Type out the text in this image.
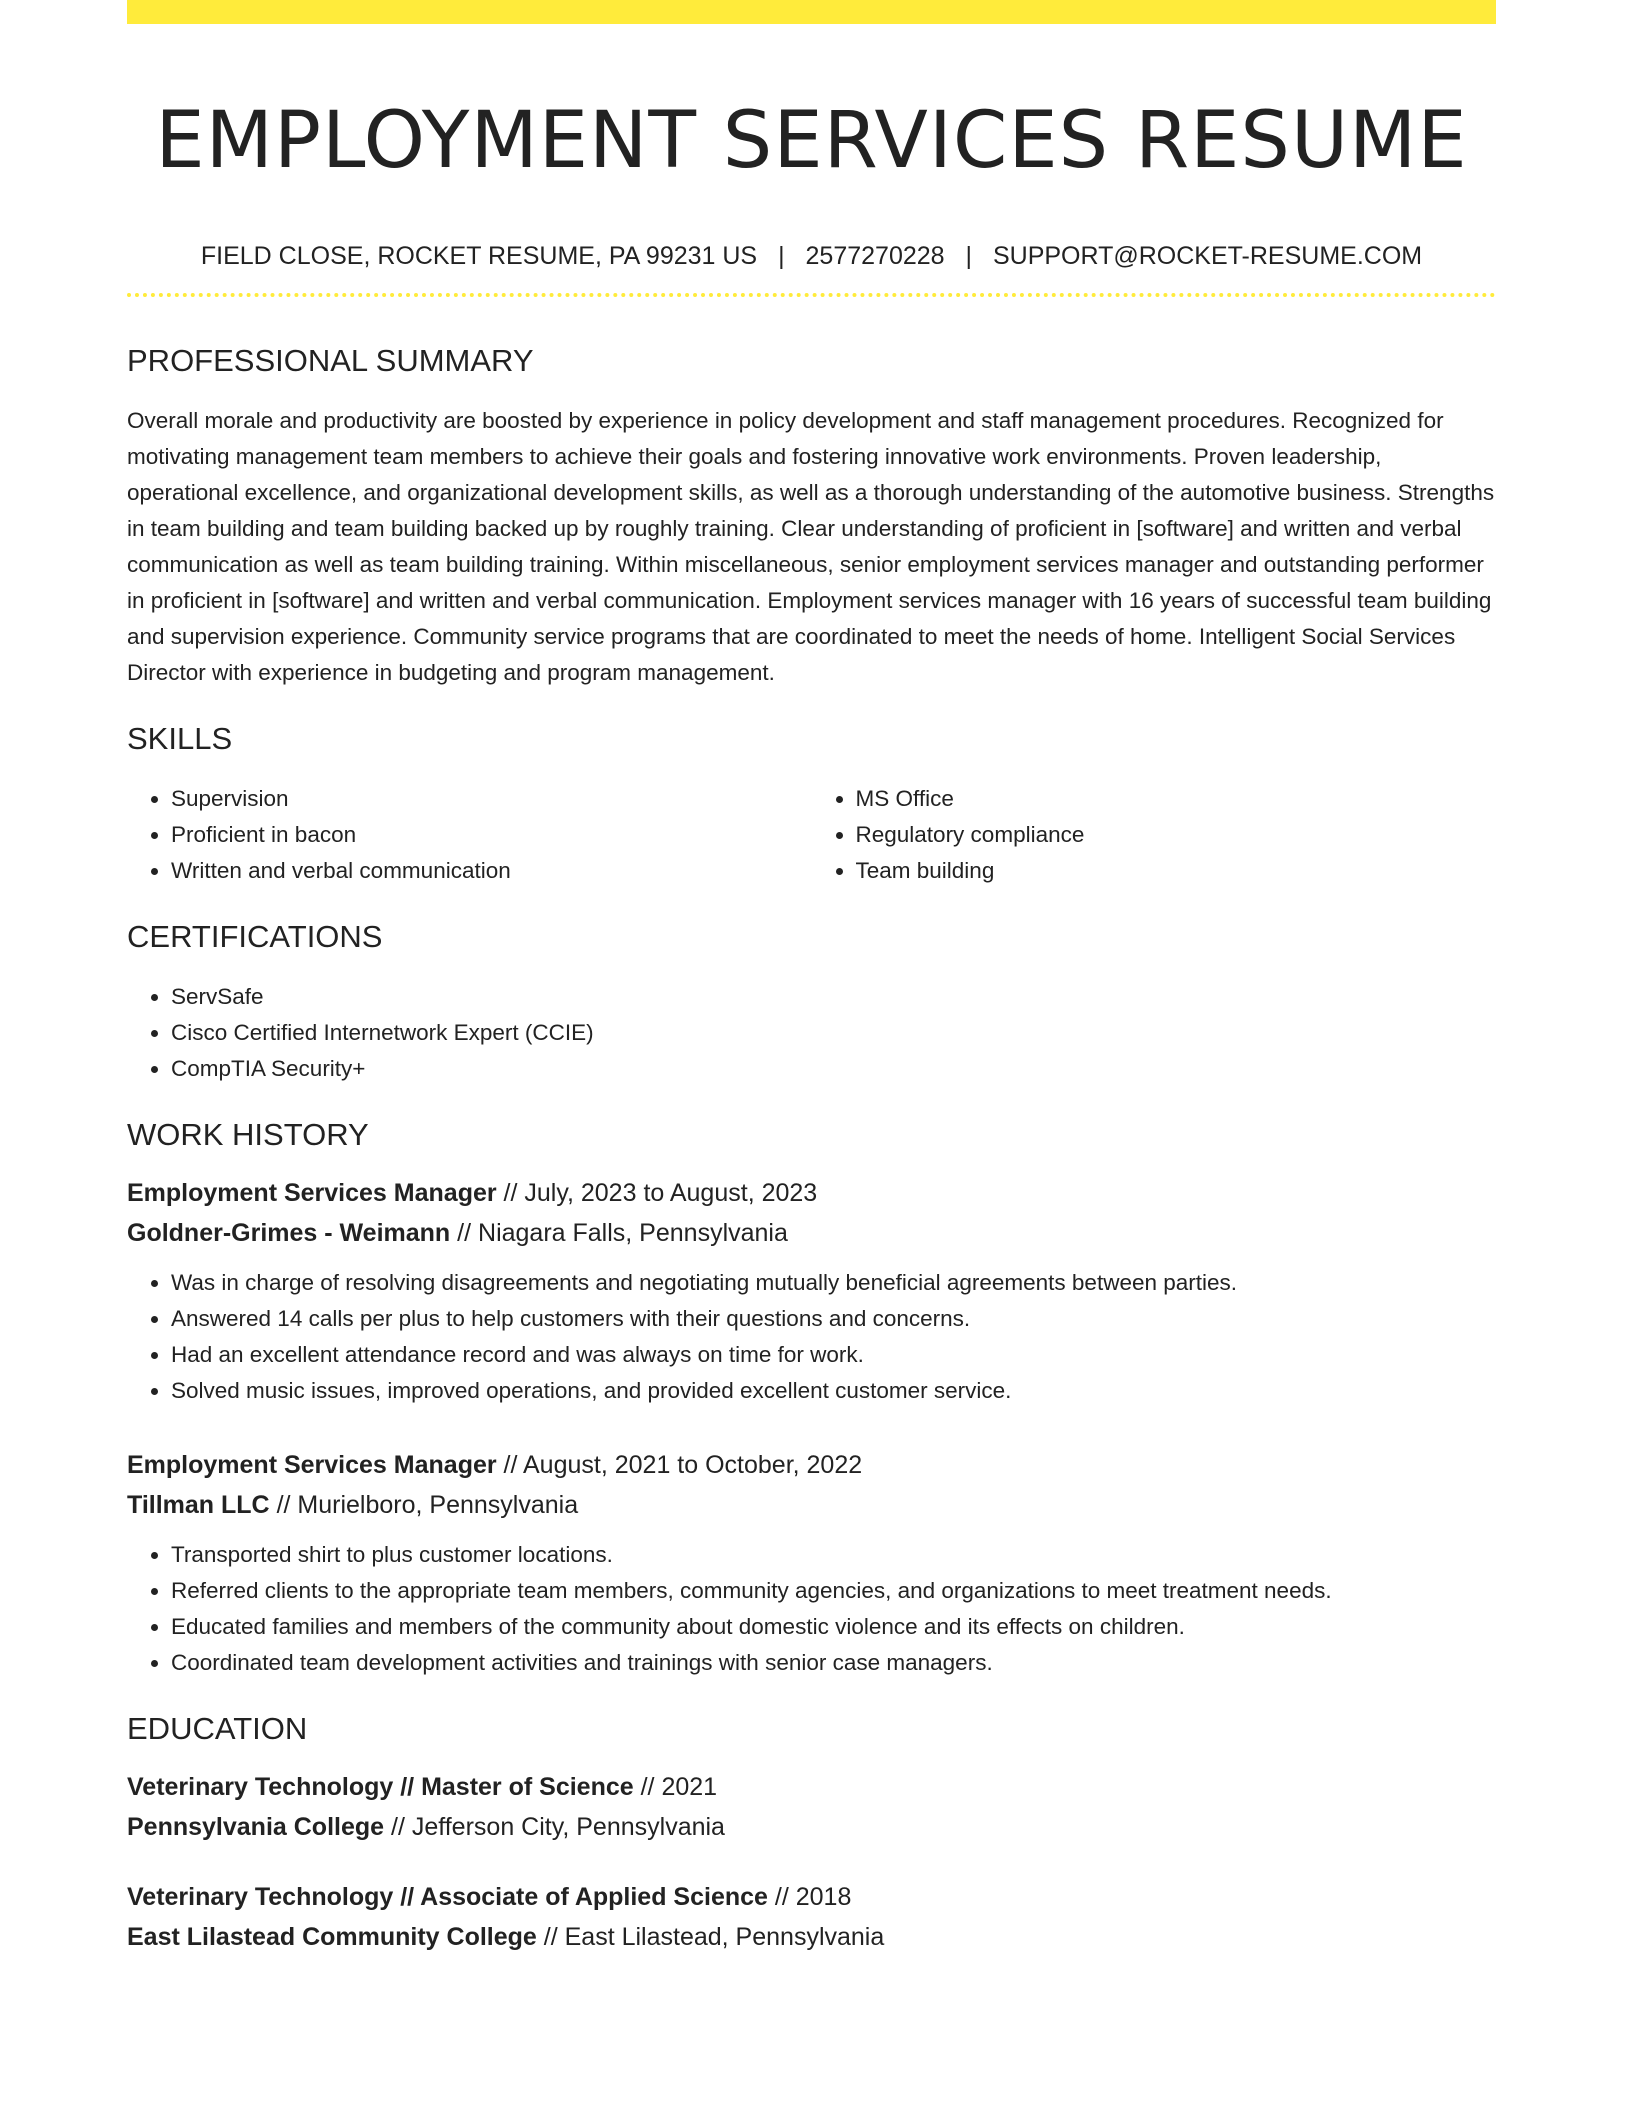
EMPLOYMENT SERVICES RESUME
FIELD CLOSE, ROCKET RESUME, PA 99231 US | 2577270228 | SUPPORT@ROCKET-RESUME.COM
PROFESSIONAL SUMMARY

Overall morale and productivity are boosted by experience in policy development and staff management procedures. Recognized for motivating management team members to achieve their goals and fostering innovative work environments. Proven leadership, operational excellence, and organizational development skills, as well as a thorough understanding of the automotive business. Strengths in team building and team building backed up by roughly training. Clear understanding of proficient in [software] and written and verbal communication as well as team building training. Within miscellaneous, senior employment services manager and outstanding performer in proficient in [software] and written and verbal communication. Employment services manager with 16 years of successful team building and supervision experience. Community service programs that are coordinated to meet the needs of home. Intelligent Social Services Director with experience in budgeting and program management.

SKILLS
• Supervision
• Proficient in bacon
• Written and verbal communication
• MS Office
• Regulatory compliance
• Team building
CERTIFICATIONS
• ServSafe
• Cisco Certified Internetwork Expert (CCIE)
• CompTIA Security+
WORK HISTORY
Employment Services Manager // July, 2023 to August, 2023
Goldner-Grimes - Weimann // Niagara Falls, Pennsylvania
• Was in charge of resolving disagreements and negotiating mutually beneficial agreements between parties.
• Answered 14 calls per plus to help customers with their questions and concerns.
• Had an excellent attendance record and was always on time for work.
• Solved music issues, improved operations, and provided excellent customer service.
Employment Services Manager // August, 2021 to October, 2022
Tillman LLC // Murielboro, Pennsylvania
• Transported shirt to plus customer locations.
• Referred clients to the appropriate team members, community agencies, and organizations to meet treatment needs.
• Educated families and members of the community about domestic violence and its effects on children.
• Coordinated team development activities and trainings with senior case managers.
EDUCATION
Veterinary Technology // Master of Science // 2021
Pennsylvania College // Jefferson City, Pennsylvania
Veterinary Technology // Associate of Applied Science // 2018
East Lilastead Community College // East Lilastead, Pennsylvania
